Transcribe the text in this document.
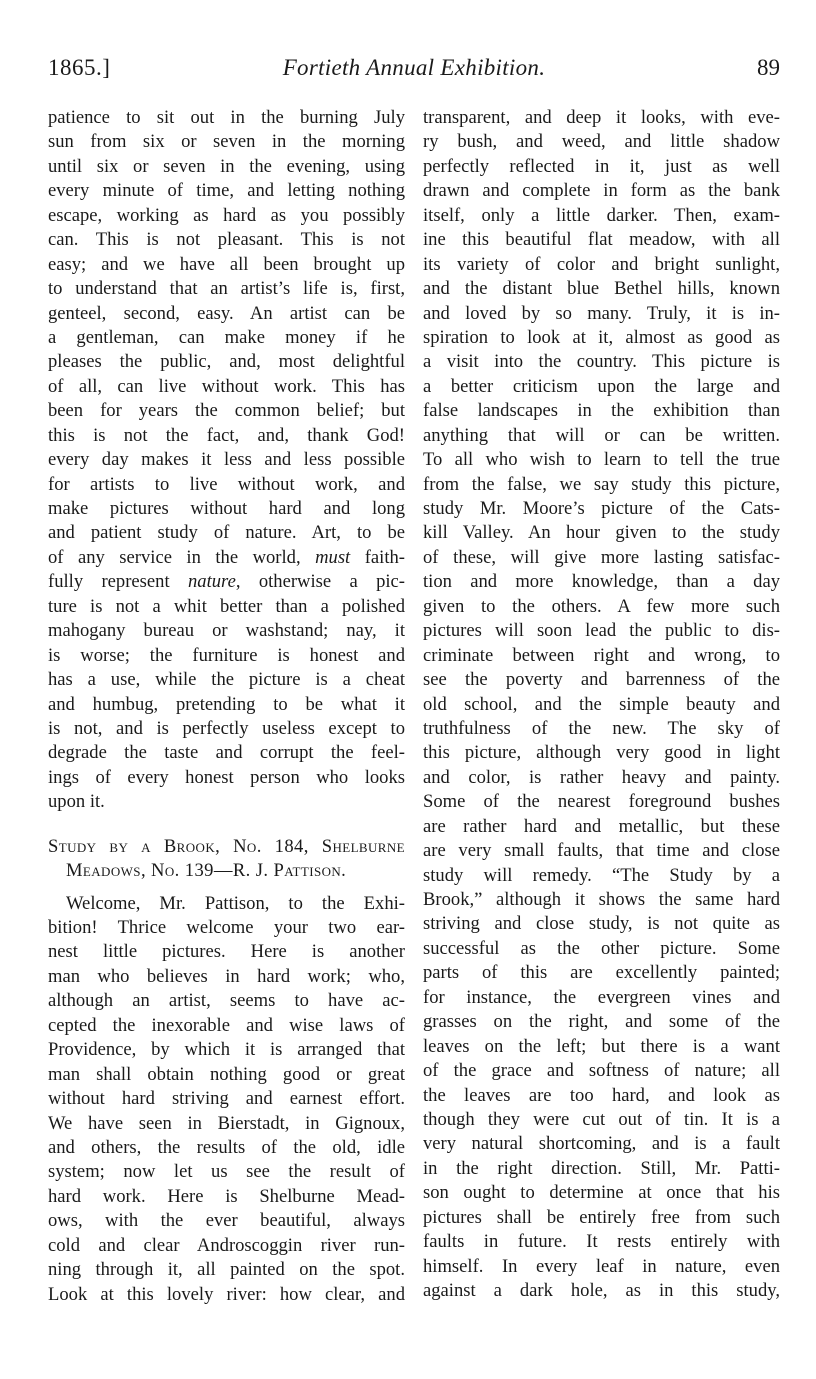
1865.]	Fortieth Annual Exhibition.	89
patience to sit out in the burning July
sun from six or seven in the morning
until six or seven in the evening, using
every minute of time, and letting nothing
escape, working as hard as you possibly
can. This is not pleasant. This is not
easy; and we have all been brought up
to understand that an artist’s life is, first,
genteel, second, easy. An artist can be
a gentleman, can make money if he
pleases the public, and, most delightful
of all, can live without work. This has
been for years the common belief; but
this is not the fact, and, thank God!
every day makes it less and less possible
for artists to live without work, and
make pictures without hard and long
and patient study of nature. Art, to be
of any service in the world, must faith-
fully represent nature, otherwise a pic-
ture is not a whit better than a polished
mahogany bureau or washstand; nay, it
is worse; the furniture is honest and
has a use, while the picture is a cheat
and humbug, pretending to be what it
is not, and is perfectly useless except to
degrade the taste and corrupt the feel-
ings of every honest person who looks
upon it.
Study by a Brook, No. 184, Shelburne
Meadows, No. 139—R. J. Pattison.
Welcome, Mr. Pattison, to the Exhi-
bition! Thrice welcome your two ear-
nest little pictures. Here is another
man who believes in hard work; who,
although an artist, seems to have ac-
cepted the inexorable and wise laws of
Providence, by which it is arranged that
man shall obtain nothing good or great
without hard striving and earnest effort.
We have seen in Bierstadt, in Gignoux,
and others, the results of the old, idle
system; now let us see the result of
hard work. Here is Shelburne Mead-
ows, with the ever beautiful, always
cold and clear Androscoggin river run-
ning through it, all painted on the spot.
Look at this lovely river: how clear, and
transparent, and deep it looks, with eve-
ry bush, and weed, and little shadow
perfectly reflected in it, just as well
drawn and complete in form as the bank
itself, only a little darker. Then, exam-
ine this beautiful flat meadow, with all
its variety of color and bright sunlight,
and the distant blue Bethel hills, known
and loved by so many. Truly, it is in-
spiration to look at it, almost as good as
a visit into the country. This picture is
a better criticism upon the large and
false landscapes in the exhibition than
anything that will or can be written.
To all who wish to learn to tell the true
from the false, we say study this picture,
study Mr. Moore’s picture of the Cats-
kill Valley. An hour given to the study
of these, will give more lasting satisfac-
tion and more knowledge, than a day
given to the others. A few more such
pictures will soon lead the public to dis-
criminate between right and wrong, to
see the poverty and barrenness of the
old school, and the simple beauty and
truthfulness of the new. The sky of
this picture, although very good in light
and color, is rather heavy and painty.
Some of the nearest foreground bushes
are rather hard and metallic, but these
are very small faults, that time and close
study will remedy. “The Study by a
Brook,” although it shows the same hard
striving and close study, is not quite as
successful as the other picture. Some
parts of this are excellently painted;
for instance, the evergreen vines and
grasses on the right, and some of the
leaves on the left; but there is a want
of the grace and softness of nature; all
the leaves are too hard, and look as
though they were cut out of tin. It is a
very natural shortcoming, and is a fault
in the right direction. Still, Mr. Patti-
son ought to determine at once that his
pictures shall be entirely free from such
faults in future. It rests entirely with
himself. In every leaf in nature, even
against a dark hole, as in this study,
